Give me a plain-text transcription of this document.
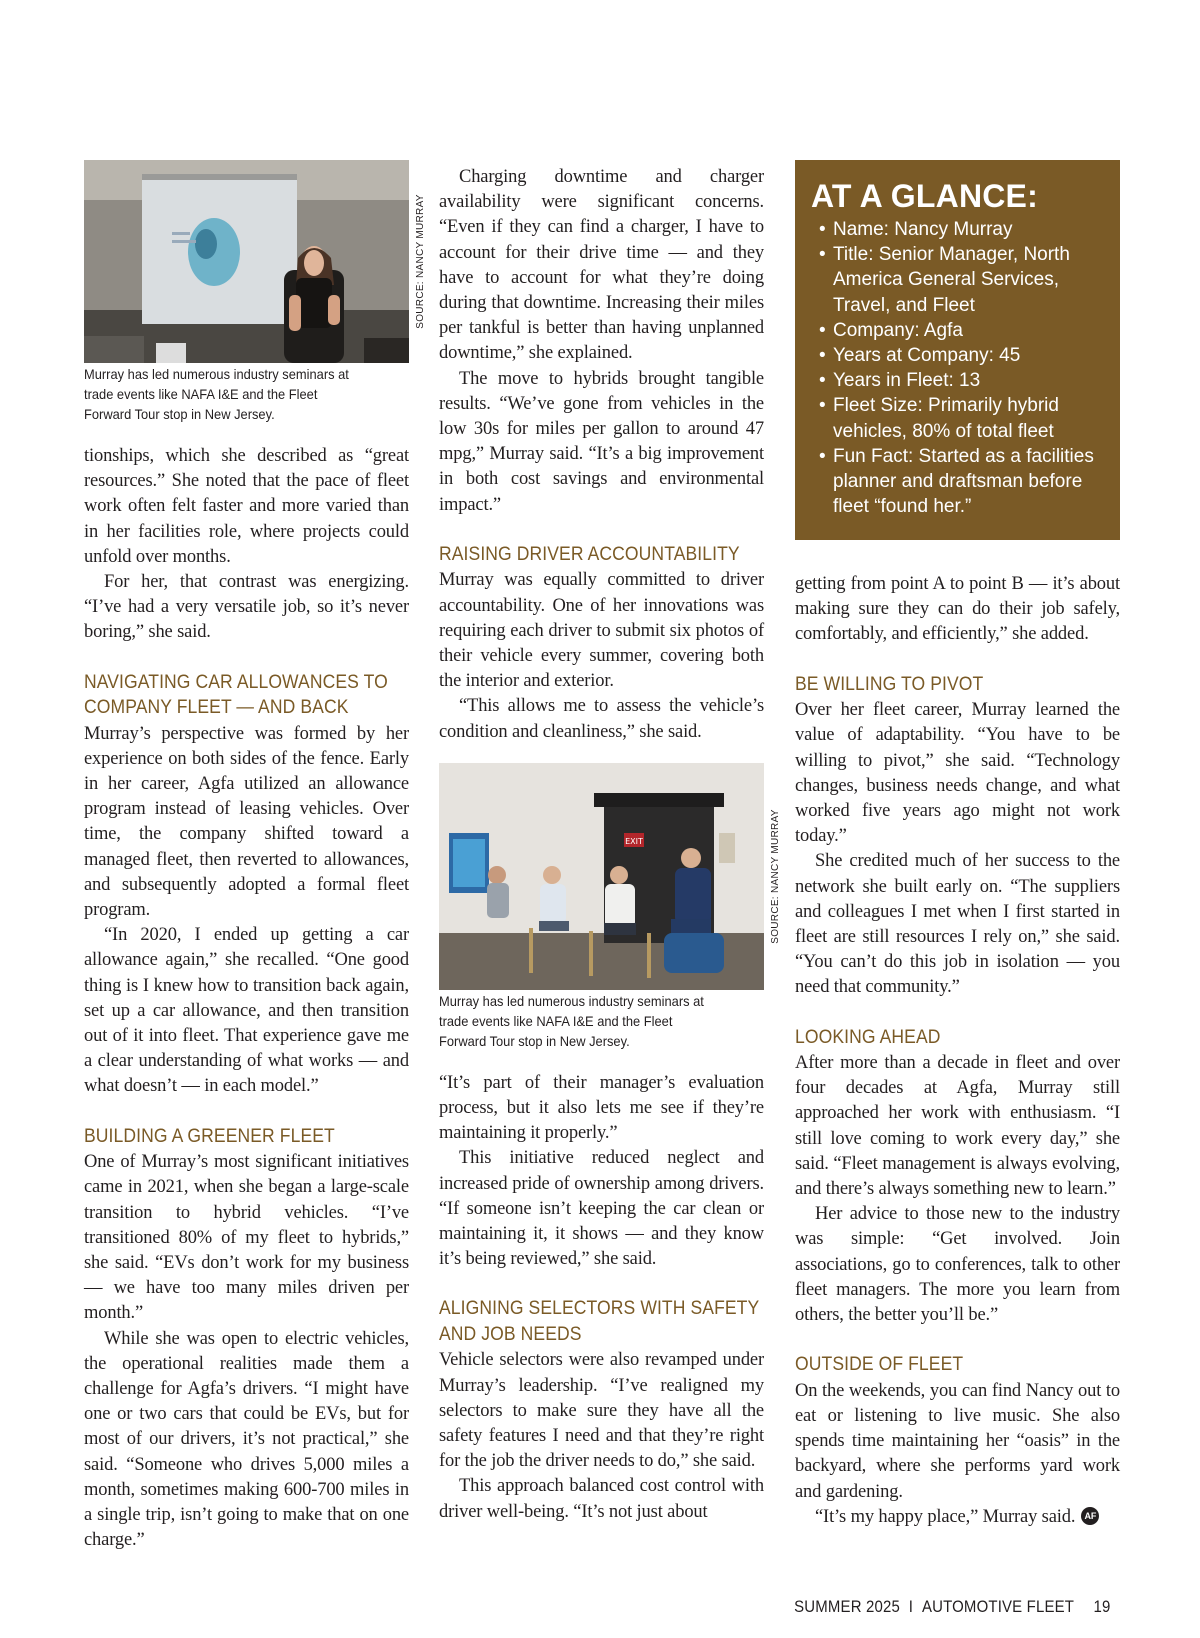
SOURCE: NANCY MURRAY
Murray has led numerous industry seminars at trade events like NAFA I&E and the Fleet Forward Tour stop in New Jersey.

tionships, which she described as “great resources.” She noted that the pace of fleet work often felt faster and more varied than in her facilities role, where projects could unfold over months.

For her, that contrast was energizing. “I’ve had a very versatile job, so it’s never boring,” she said.

NAVIGATING CAR ALLOWANCES TO COMPANY FLEET — AND BACK

Murray’s perspective was formed by her experience on both sides of the fence. Early in her career, Agfa utilized an allowance program instead of leasing vehicles. Over time, the company shifted toward a managed fleet, then reverted to allowances, and subsequently adopted a formal fleet program.

“In 2020, I ended up getting a car allowance again,” she recalled. “One good thing is I knew how to transition back again, set up a car allowance, and then transition out of it into fleet. That experience gave me a clear understanding of what works — and what doesn’t — in each model.”

BUILDING A GREENER FLEET

One of Murray’s most significant initiatives came in 2021, when she began a large-scale transition to hybrid vehicles. “I’ve transitioned 80% of my fleet to hybrids,” she said. “EVs don’t work for my business — we have too many miles driven per month.”

While she was open to electric vehicles, the operational realities made them a challenge for Agfa’s drivers. “I might have one or two cars that could be EVs, but for most of our drivers, it’s not practical,” she said. “Someone who drives 5,000 miles a month, sometimes making 600-700 miles in a single trip, isn’t going to make that on one charge.”

Charging downtime and charger availability were significant concerns. “Even if they can find a charger, I have to account for their drive time — and they have to account for what they’re doing during that downtime. Increasing their miles per tankful is better than having unplanned downtime,” she explained.

The move to hybrids brought tangible results. “We’ve gone from vehicles in the low 30s for miles per gallon to around 47 mpg,” Murray said. “It’s a big improvement in both cost savings and environmental impact.”

RAISING DRIVER ACCOUNTABILITY

Murray was equally committed to driver accountability. One of her innovations was requiring each driver to submit six photos of their vehicle every summer, covering both the interior and exterior.

“This allows me to assess the vehicle’s condition and cleanliness,” she said.

EXIT	SOURCE: NANCY MURRAY
Murray has led numerous industry seminars at trade events like NAFA I&E and the Fleet Forward Tour stop in New Jersey.

“It’s part of their manager’s evaluation process, but it also lets me see if they’re maintaining it properly.”

This initiative reduced neglect and increased pride of ownership among drivers. “If someone isn’t keeping the car clean or maintaining it, it shows — and they know it’s being reviewed,” she said.

ALIGNING SELECTORS WITH SAFETY AND JOB NEEDS

Vehicle selectors were also revamped under Murray’s leadership. “I’ve realigned my selectors to make sure they have all the safety features I need and that they’re right for the job the driver needs to do,” she said.

This approach balanced cost control with driver well-being. “It’s not just about

AT A GLANCE:
• Name: Nancy Murray
• Title: Senior Manager, North America General Services, Travel, and Fleet
• Company: Agfa
• Years at Company: 45
• Years in Fleet: 13
• Fleet Size: Primarily hybrid vehicles, 80% of total fleet
• Fun Fact: Started as a facilities planner and draftsman before fleet “found her.”

getting from point A to point B — it’s about making sure they can do their job safely, comfortably, and efficiently,” she added.

BE WILLING TO PIVOT

Over her fleet career, Murray learned the value of adaptability. “You have to be willing to pivot,” she said. “Technology changes, business needs change, and what worked five years ago might not work today.”

She credited much of her success to the network she built early on. “The suppliers and colleagues I met when I first started in fleet are still resources I rely on,” she said. “You can’t do this job in isolation — you need that community.”

LOOKING AHEAD

After more than a decade in fleet and over four decades at Agfa, Murray still approached her work with enthusiasm. “I still love coming to work every day,” she said. “Fleet management is always evolving, and there’s always something new to learn.”

Her advice to those new to the industry was simple: “Get involved. Join associations, go to conferences, talk to other fleet managers. The more you learn from others, the better you’ll be.”

OUTSIDE OF FLEET

On the weekends, you can find Nancy out to eat or listening to live music. She also spends time maintaining her “oasis” in the backyard, where she performs yard work and gardening.

“It’s my happy place,” Murray said. AF

SUMMER 2025 I AUTOMOTIVE FLEET 19
